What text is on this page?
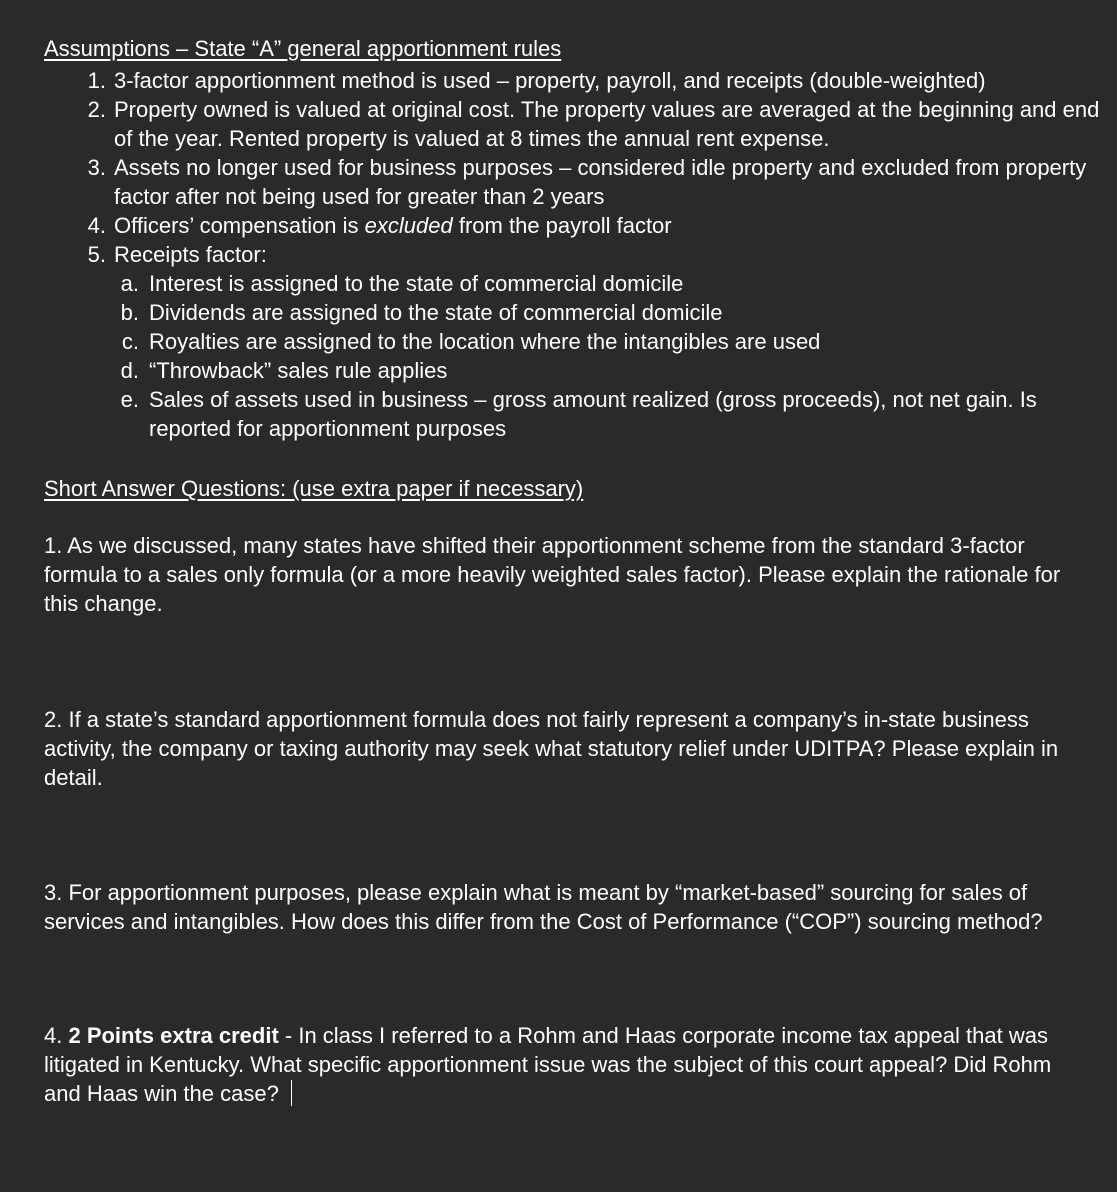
Assumptions – State “A” general apportionment rules

1. 3-factor apportionment method is used – property, payroll, and receipts (double-weighted)
2. Property owned is valued at original cost. The property values are averaged at the beginning and end of the year. Rented property is valued at 8 times the annual rent expense.
3. Assets no longer used for business purposes – considered idle property and excluded from property factor after not being used for greater than 2 years
4. Officers’ compensation is excluded from the payroll factor
5. Receipts factor:
a. Interest is assigned to the state of commercial domicile
b. Dividends are assigned to the state of commercial domicile
c. Royalties are assigned to the location where the intangibles are used
d. “Throwback” sales rule applies
e. Sales of assets used in business – gross amount realized (gross proceeds), not net gain. Is reported for apportionment purposes

Short Answer Questions: (use extra paper if necessary)

1. As we discussed, many states have shifted their apportionment scheme from the standard 3-factor formula to a sales only formula (or a more heavily weighted sales factor). Please explain the rationale for this change.

2. If a state’s standard apportionment formula does not fairly represent a company’s in-state business activity, the company or taxing authority may seek what statutory relief under UDITPA? Please explain in detail.

3. For apportionment purposes, please explain what is meant by “market-based” sourcing for sales of services and intangibles. How does this differ from the Cost of Performance (“COP”) sourcing method?

4. 2 Points extra credit - In class I referred to a Rohm and Haas corporate income tax appeal that was litigated in Kentucky. What specific apportionment issue was the subject of this court appeal? Did Rohm and Haas win the case?
